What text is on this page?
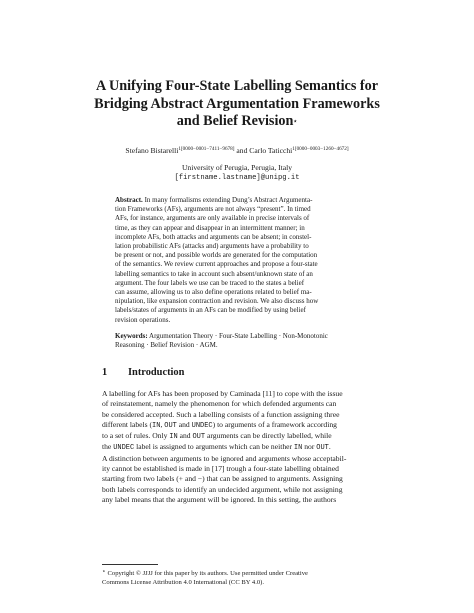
A Unifying Four-State Labelling Semantics for
Bridging Abstract Argumentation Frameworks
and Belief Revision⋆
Stefano Bistarelli$^{1[0000-0001-7411-9678]}$ and Carlo Taticchi$^{1[0000-0003-1260-4672]}$
University of Perugia, Perugia, Italy
[firstname.lastname]@unipg.it
Abstract. In many formalisms extending Dung’s Abstract Argumenta-
tion Frameworks (AFs), arguments are not always “present”. In timed
AFs, for instance, arguments are only available in precise intervals of
time, as they can appear and disappear in an intermittent manner; in
incomplete AFs, both attacks and arguments can be absent; in constel-
lation probabilistic AFs (attacks and) arguments have a probability to
be present or not, and possible worlds are generated for the computation
of the semantics. We review current approaches and propose a four-state
labelling semantics to take in account such absent/unknown state of an
argument. The four labels we use can be traced to the states a belief
can assume, allowing us to also define operations related to belief ma-
nipulation, like expansion contraction and revision. We also discuss how
labels/states of arguments in an AFs can be modified by using belief
revision operations.
Keywords: Argumentation Theory · Four-State Labelling · Non-Monotonic
Reasoning · Belief Revision · AGM.
1 Introduction
A labelling for AFs has been proposed by Caminada [11] to cope with the issue
of reinstatement, namely the phenomenon for which defended arguments can
be considered accepted. Such a labelling consists of a function assigning three
different labels (IN, OUT and UNDEC) to arguments of a framework according
to a set of rules. Only IN and OUT arguments can be directly labelled, while
the UNDEC label is assigned to arguments which can be neither IN nor OUT.
A distinction between arguments to be ignored and arguments whose acceptabil-
ity cannot be established is made in [17] trough a four-state labelling obtained
starting from two labels (+ and −) that can be assigned to arguments. Assigning
both labels corresponds to identify an undecided argument, while not assigning
any label means that the argument will be ignored. In this setting, the authors
⋆ Copyright © JJJJ for this paper by its authors. Use permitted under Creative
Commons License Attribution 4.0 International (CC BY 4.0).
